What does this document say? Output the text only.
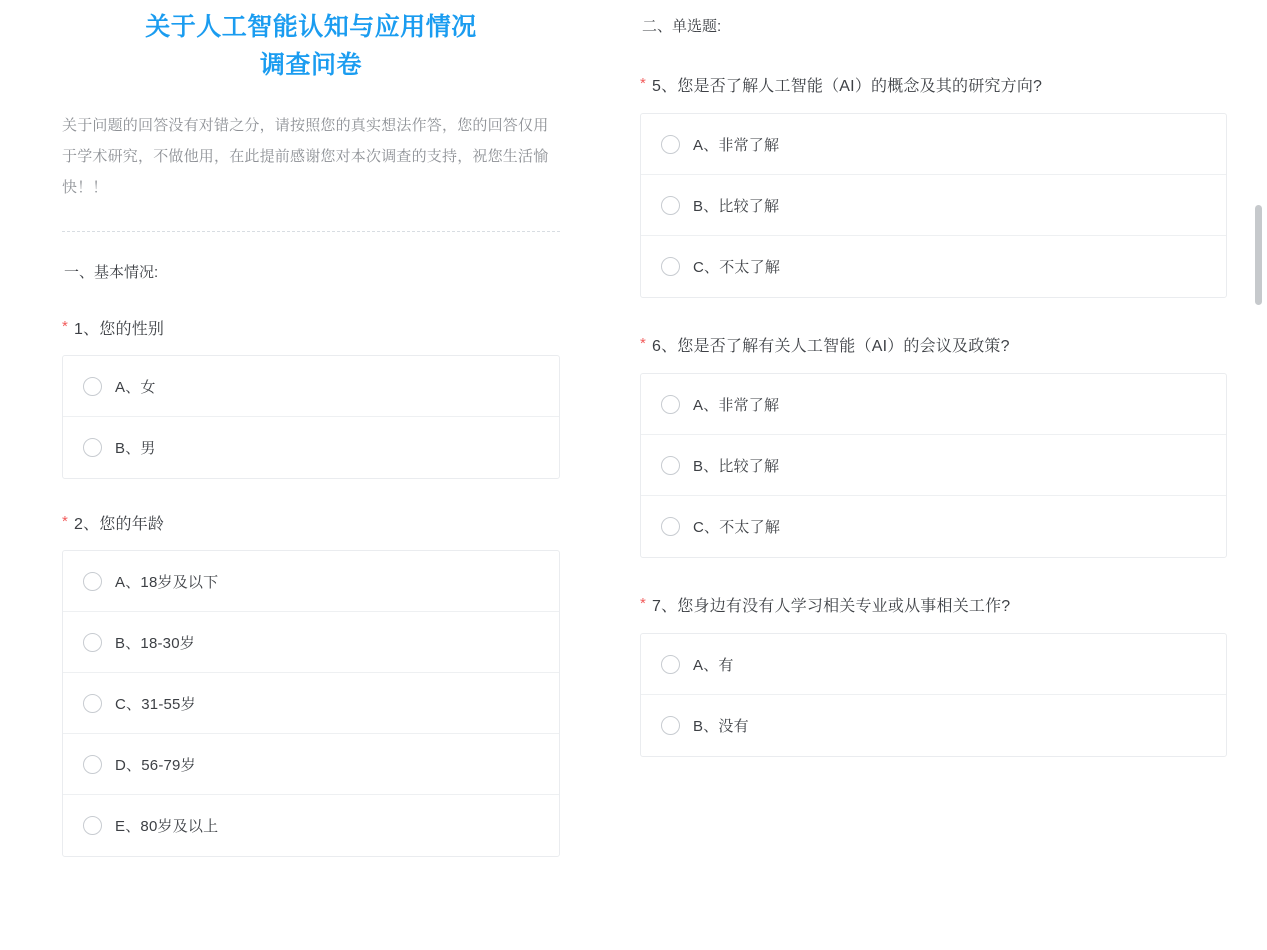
关于人工智能认知与应用情况
调查问卷
关于问题的回答没有对错之分，请按照您的真实想法作答，您的回答仅用于学术研究，不做他用，在此提前感谢您对本次调查的支持，祝您生活愉快！！
一、基本情况:
* 1、您的性别
A、女
B、男
* 2、您的年龄
A、18岁及以下
B、18-30岁
C、31-55岁
D、56-79岁
E、80岁及以上
二、单选题:
* 5、您是否了解人工智能（AI）的概念及其的研究方向?
A、非常了解
B、比较了解
C、不太了解
* 6、您是否了解有关人工智能（AI）的会议及政策?
A、非常了解
B、比较了解
C、不太了解
* 7、您身边有没有人学习相关专业或从事相关工作?
A、有
B、没有
